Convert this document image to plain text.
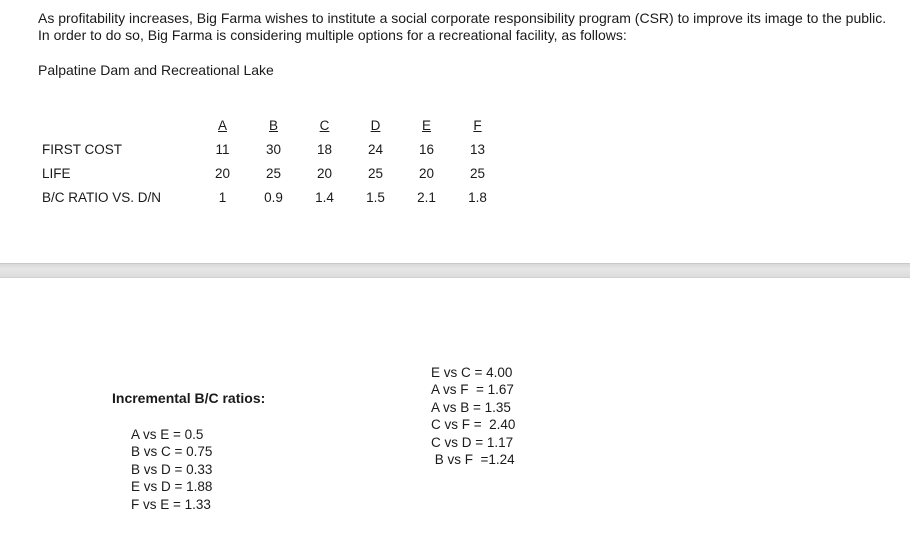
As profitability increases, Big Farma wishes to institute a social corporate responsibility program (CSR) to improve its image to the public. In order to do so, Big Farma is considering multiple options for a recreational facility, as follows:

Palpatine Dam and Recreational Lake

	A	B	C	D	E	F
FIRST COST	11	30	18	24	16	13
LIFE	20	25	20	25	20	25
B/C RATIO VS. D/N	1	0.9	1.4	1.5	2.1	1.8

Incremental B/C ratios:

A vs E = 0.5
B vs C = 0.75
B vs D = 0.33
E vs D = 1.88
F vs E = 1.33
E vs C = 4.00
A vs F  = 1.67
A vs B = 1.35
C vs F =  2.40
C vs D = 1.17
B vs F  =1.24
